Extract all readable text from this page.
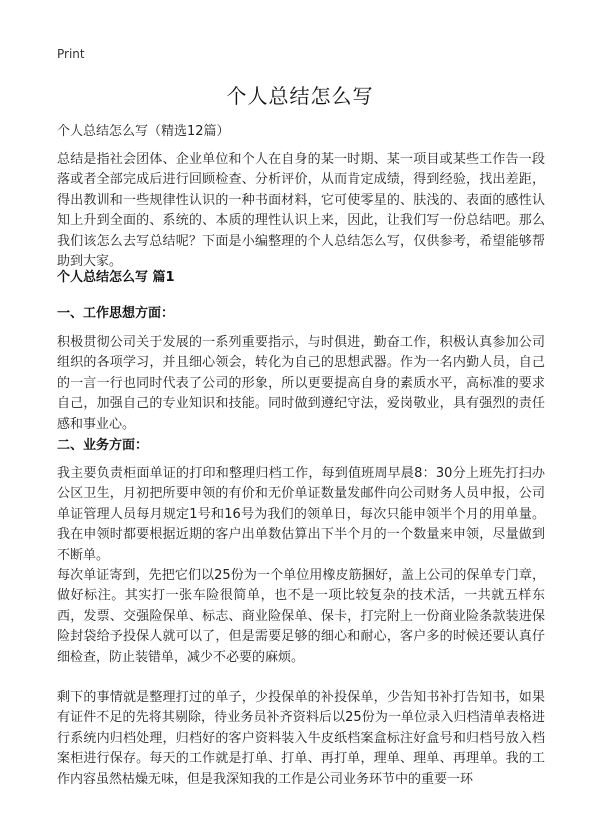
Print
个人总结怎么写
个人总结怎么写（精选12篇）

总结是指社会团体、企业单位和个人在自身的某一时期、某一项目或某些工作告一段落或者全部完成后进行回顾检查、分析评价，从而肯定成绩，得到经验，找出差距，得出教训和一些规律性认识的一种书面材料，它可使零星的、肤浅的、表面的感性认知上升到全面的、系统的、本质的理性认识上来，因此，让我们写一份总结吧。那么我们该怎么去写总结呢？下面是小编整理的个人总结怎么写，仅供参考，希望能够帮助到大家。

个人总结怎么写 篇1
一、工作思想方面：

积极贯彻公司关于发展的一系列重要指示，与时俱进，勤奋工作，积极认真参加公司组织的各项学习，并且细心领会，转化为自己的思想武器。作为一名内勤人员，自己的一言一行也同时代表了公司的形象，所以更要提高自身的素质水平，高标准的要求自己，加强自己的专业知识和技能。同时做到遵纪守法，爱岗敬业，具有强烈的责任感和事业心。

二、业务方面：

我主要负责柜面单证的打印和整理归档工作，每到值班周早晨8：30分上班先打扫办公区卫生，月初把所要申领的有价和无价单证数量发邮件向公司财务人员申报，公司单证管理人员每月规定1号和16号为我们的领单日，每次只能申领半个月的用单量。我在申领时都要根据近期的客户出单数估算出下半个月的一个数量来申领，尽量做到不断单。

每次单证寄到，先把它们以25份为一个单位用橡皮筋捆好，盖上公司的保单专门章，做好标注。其实打一张车险很简单，也不是一项比较复杂的技术活，一共就五样东西，发票、交强险保单、标志、商业险保单、保卡，打完附上一份商业险条款装进保险封袋给予投保人就可以了，但是需要足够的细心和耐心，客户多的时候还要认真仔细检查，防止装错单，减少不必要的麻烦。

剩下的事情就是整理打过的单子，少投保单的补投保单，少告知书补打告知书，如果有证件不足的先将其剔除，待业务员补齐资料后以25份为一单位录入归档清单表格进行系统内归档处理，归档好的客户资料装入牛皮纸档案盒标注好盒号和归档号放入档案柜进行保存。每天的工作就是打单、打单、再打单，理单、理单、再理单。我的工作内容虽然枯燥无味，但是我深知我的工作是公司业务环节中的重要一环
